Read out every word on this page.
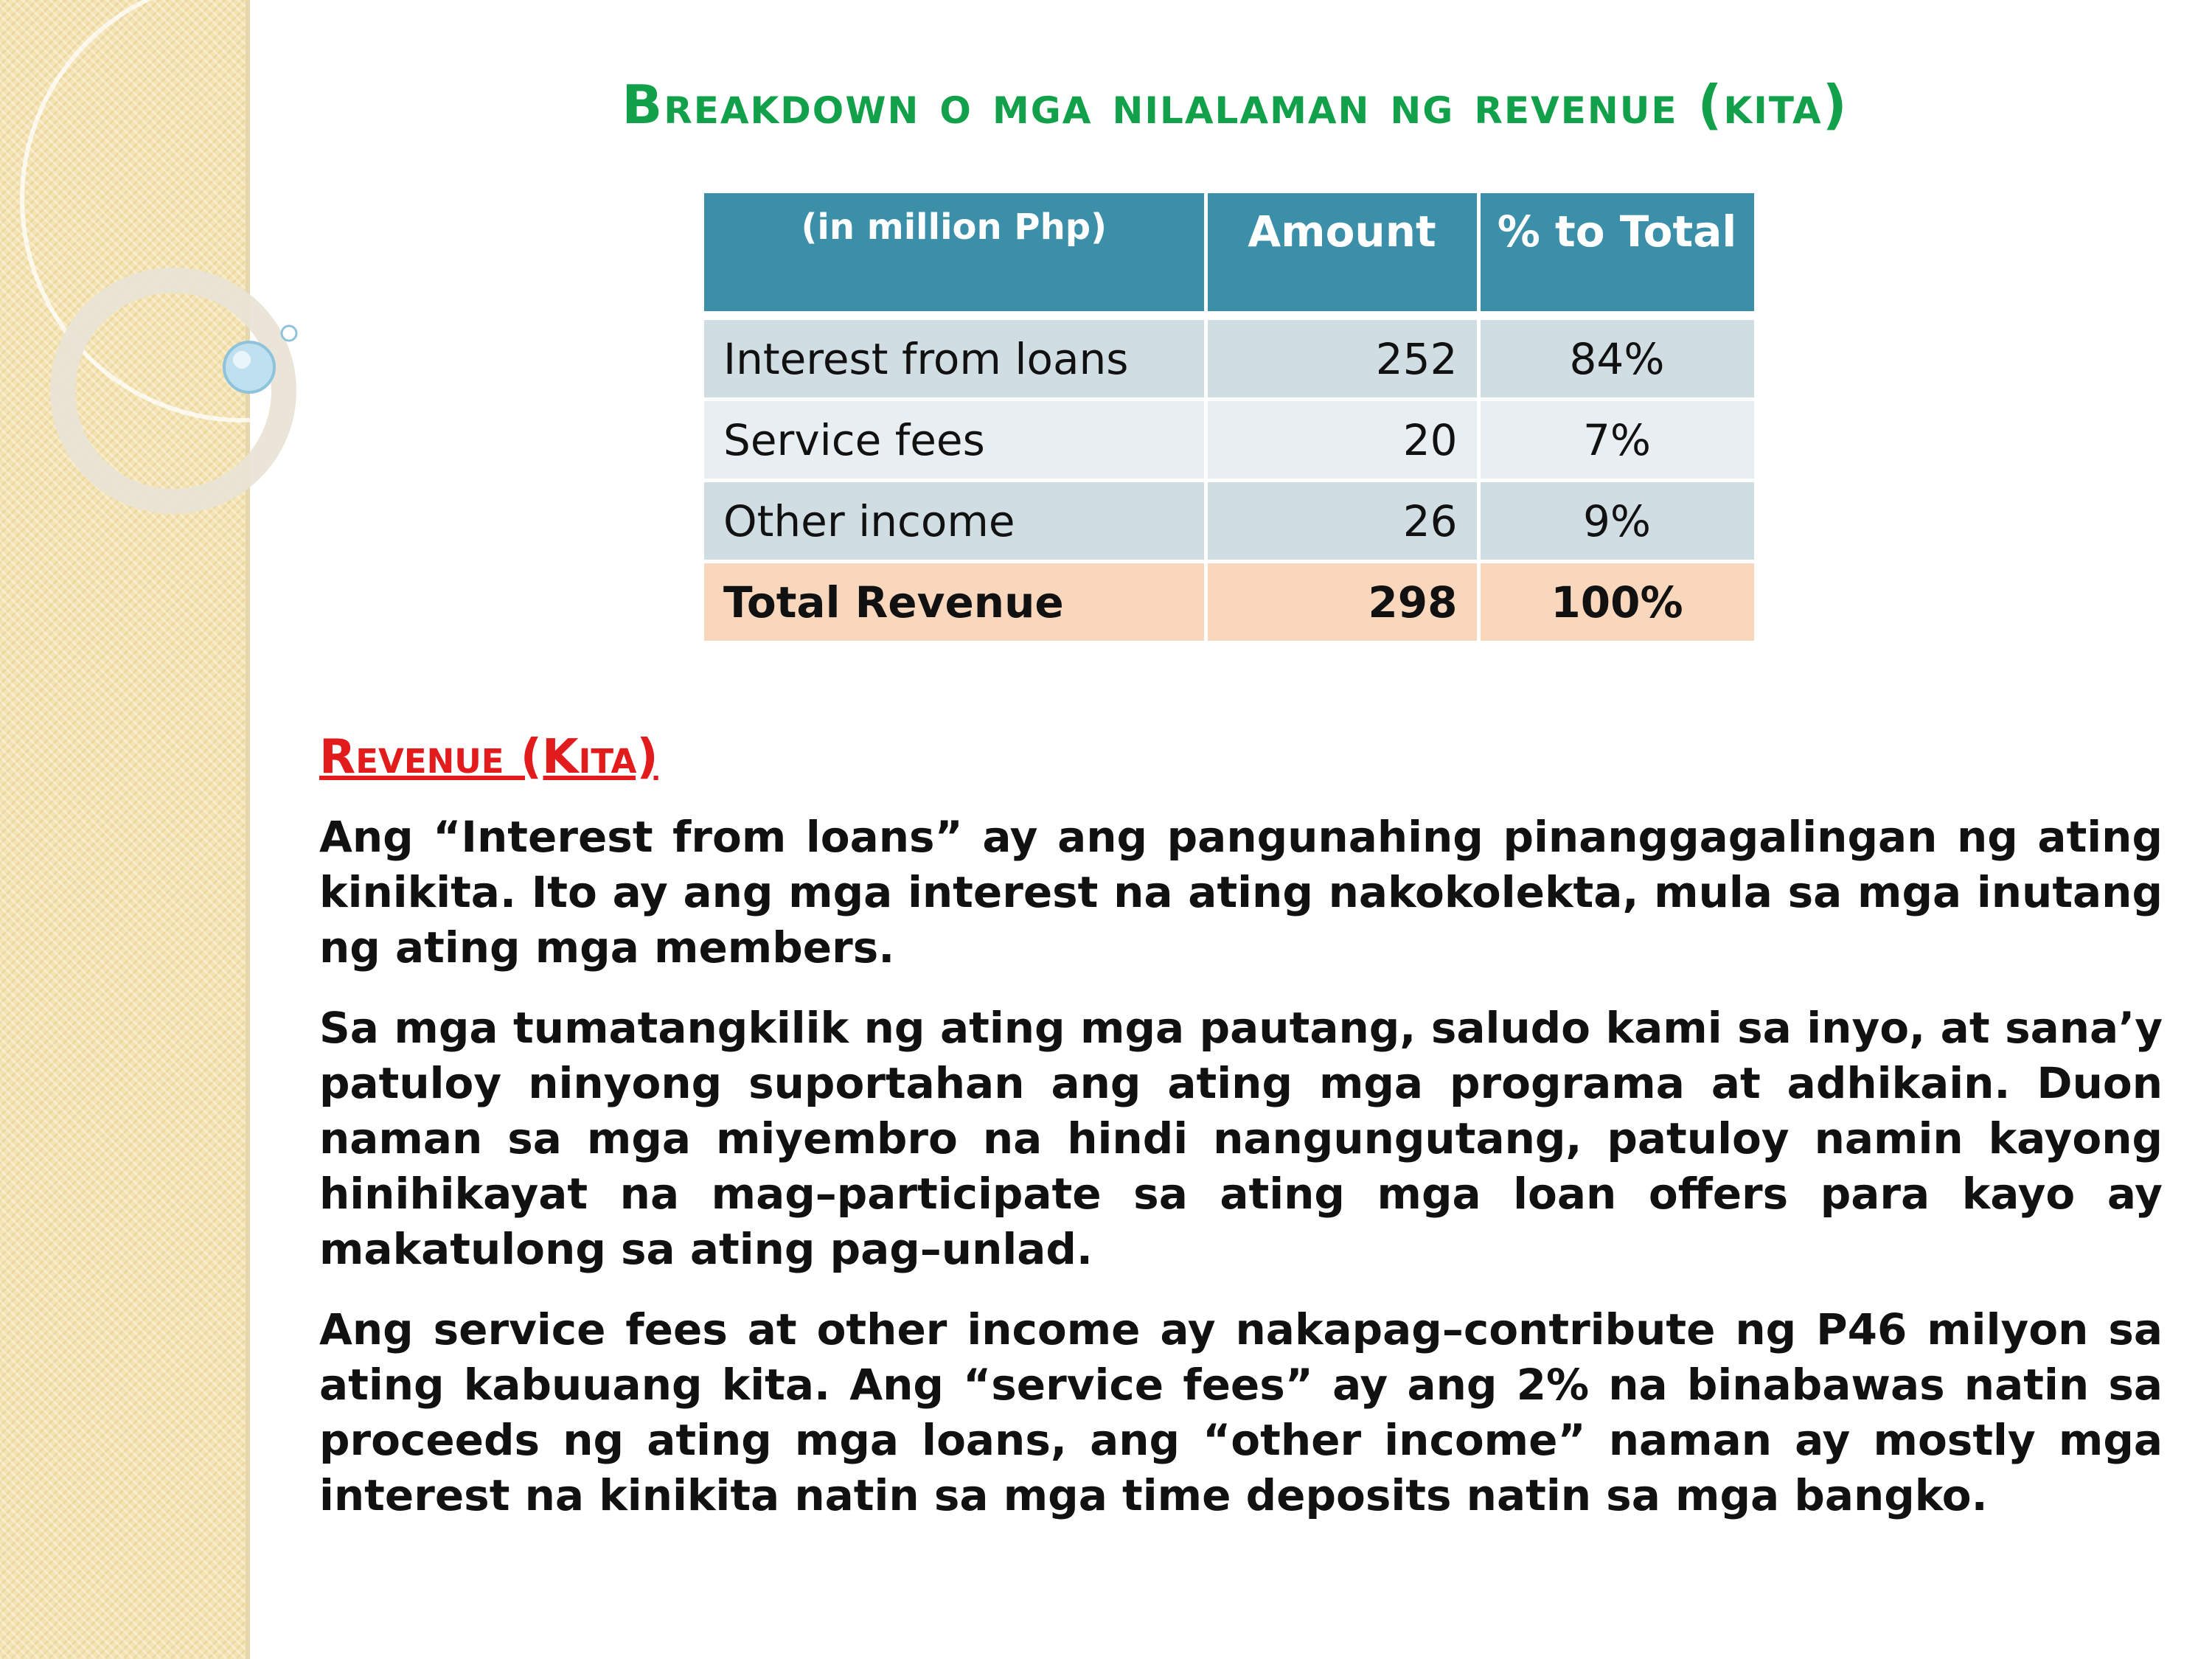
Breakdown o mga nilalaman ng revenue (kita)
(in million Php)	Amount	% to Total

Interest from loans	252	84%
Service fees	20	7%
Other income	26	9%
Total Revenue	298	100%
Revenue (Kita)

Ang “Interest from loans” ay ang pangunahing pinanggagalingan ng ating kinikita. Ito ay ang mga interest na ating nakokolekta, mula sa mga inutang ng ating mga members.

Sa mga tumatangkilik ng ating mga pautang, saludo kami sa inyo, at sana’y patuloy ninyong suportahan ang ating mga programa at adhikain. Duon naman sa mga miyembro na hindi nangungutang, patuloy namin kayong hinihikayat na mag–participate sa ating mga loan offers para kayo ay makatulong sa ating pag–unlad.

Ang service fees at other income ay nakapag–contribute ng P46 milyon sa ating kabuuang kita. Ang “service fees” ay ang 2% na binabawas natin sa proceeds ng ating mga loans, ang “other income” naman ay mostly mga interest na kinikita natin sa mga time deposits natin sa mga bangko.
